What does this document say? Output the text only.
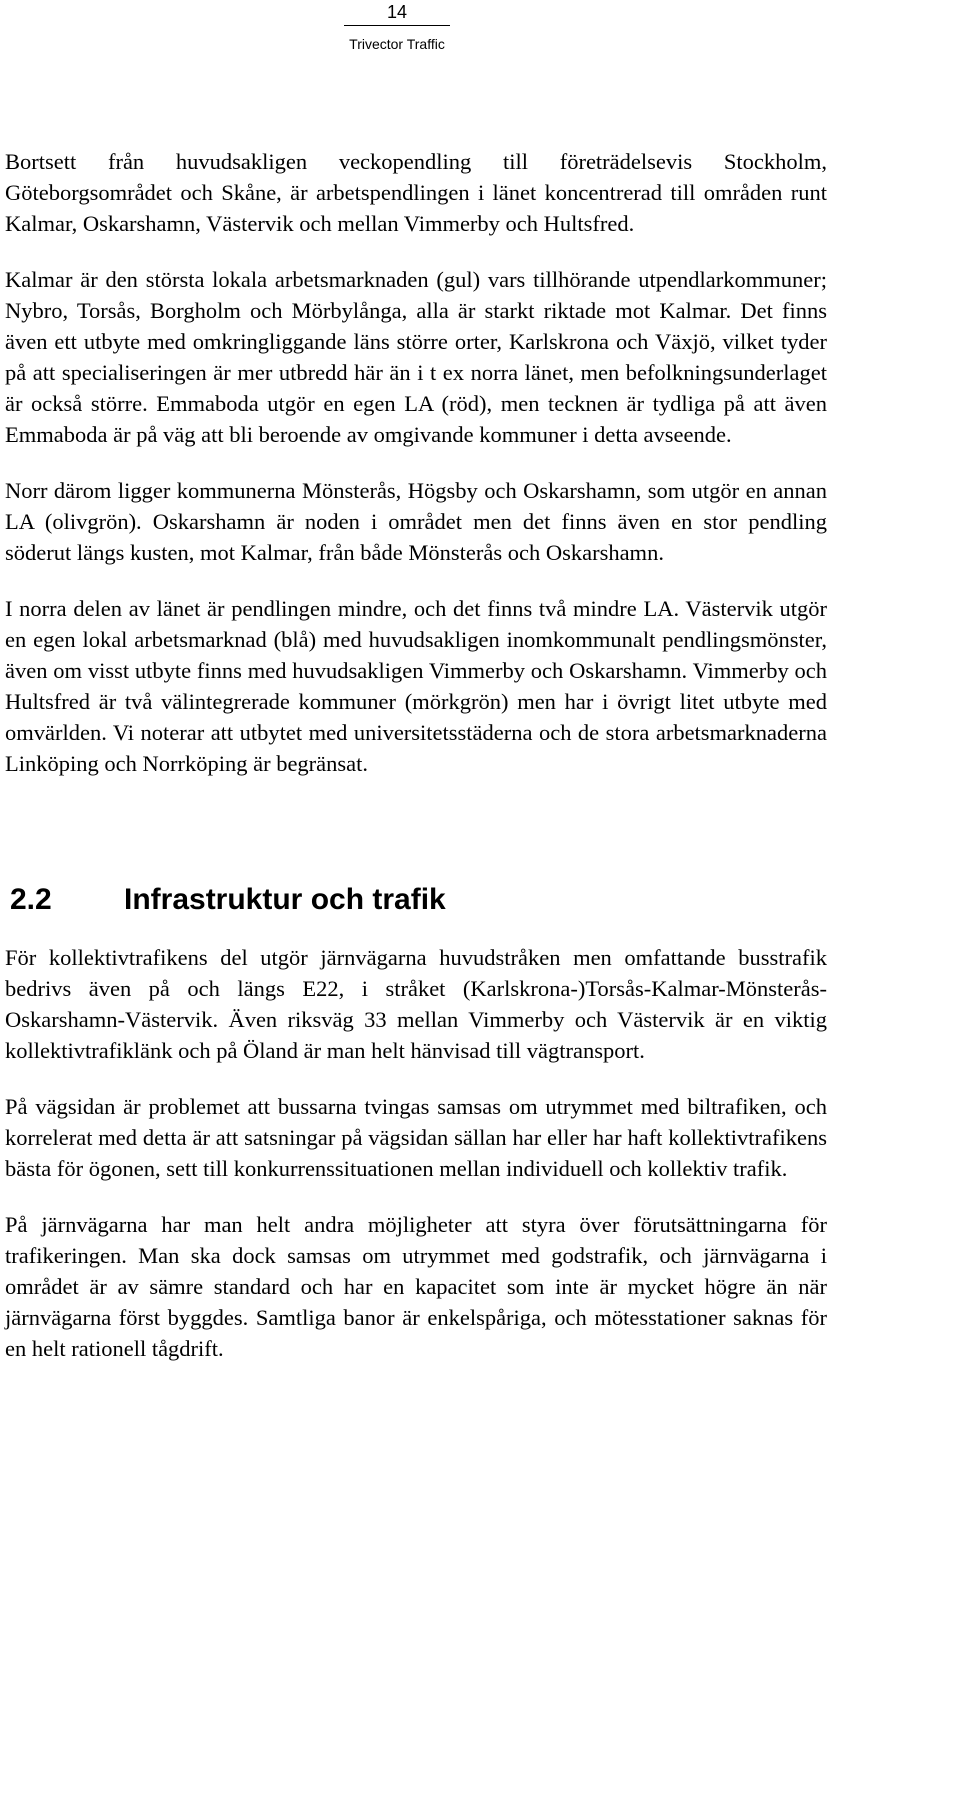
14
Trivector Traffic

Bortsett från huvudsakligen veckopendling till företrädelsevis Stockholm, Göteborgsområdet och Skåne, är arbetspendlingen i länet koncentrerad till områden runt Kalmar, Oskarshamn, Västervik och mellan Vimmerby och Hultsfred.

Kalmar är den största lokala arbetsmarknaden (gul) vars tillhörande utpendlarkommuner; Nybro, Torsås, Borgholm och Mörbylånga, alla är starkt riktade mot Kalmar. Det finns även ett utbyte med omkringliggande läns större orter, Karlskrona och Växjö, vilket tyder på att specialiseringen är mer utbredd här än i t ex norra länet, men befolkningsunderlaget är också större. Emmaboda utgör en egen LA (röd), men tecknen är tydliga på att även Emmaboda är på väg att bli beroende av omgivande kommuner i detta avseende.

Norr därom ligger kommunerna Mönsterås, Högsby och Oskarshamn, som utgör en annan LA (olivgrön). Oskarshamn är noden i området men det finns även en stor pendling söderut längs kusten, mot Kalmar, från både Mönsterås och Oskarshamn.

I norra delen av länet är pendlingen mindre, och det finns två mindre LA. Västervik utgör en egen lokal arbetsmarknad (blå) med huvudsakligen inomkommunalt pendlingsmönster, även om visst utbyte finns med huvudsakligen Vimmerby och Oskarshamn. Vimmerby och Hultsfred är två välintegrerade kommuner (mörkgrön) men har i övrigt litet utbyte med omvärlden. Vi noterar att utbytet med universitetsstäderna och de stora arbetsmarknaderna Linköping och Norrköping är begränsat.

2.2	Infrastruktur och trafik

För kollektivtrafikens del utgör järnvägarna huvudstråken men omfattande busstrafik bedrivs även på och längs E22, i stråket (Karlskrona-)Torsås-Kalmar-Mönsterås-Oskarshamn-Västervik. Även riksväg 33 mellan Vimmerby och Västervik är en viktig kollektivtrafiklänk och på Öland är man helt hänvisad till vägtransport.

På vägsidan är problemet att bussarna tvingas samsas om utrymmet med biltrafiken, och korrelerat med detta är att satsningar på vägsidan sällan har eller har haft kollektivtrafikens bästa för ögonen, sett till konkurrenssituationen mellan individuell och kollektiv trafik.

På järnvägarna har man helt andra möjligheter att styra över förutsättningarna för trafikeringen. Man ska dock samsas om utrymmet med godstrafik, och järnvägarna i området är av sämre standard och har en kapacitet som inte är mycket högre än när järnvägarna först byggdes. Samtliga banor är enkelspåriga, och mötesstationer saknas för en helt rationell tågdrift.
